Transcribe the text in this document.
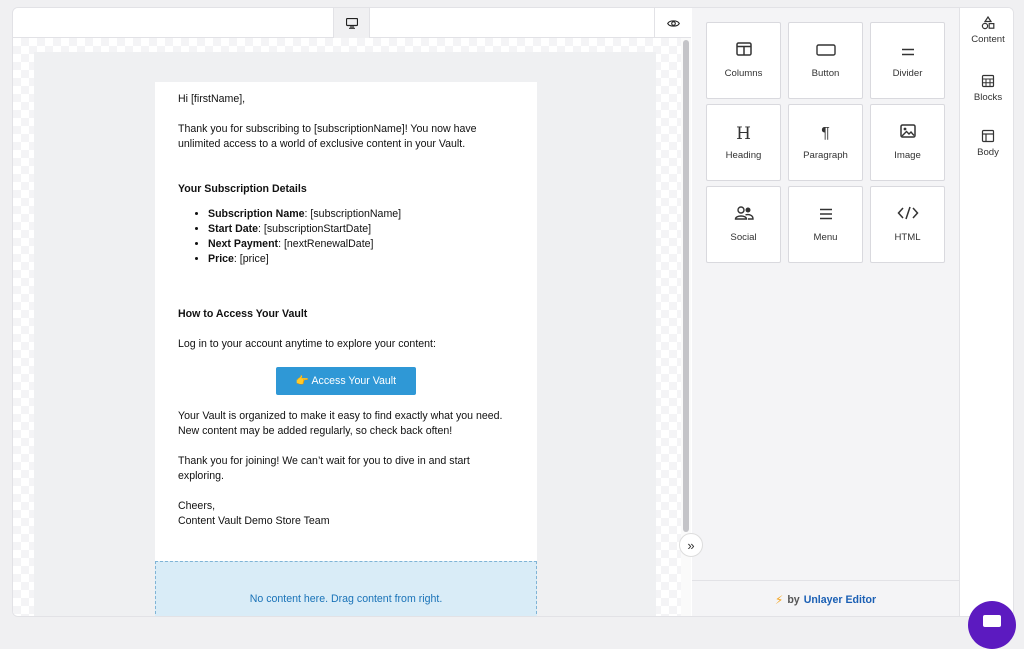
Hi [firstName],

Thank you for subscribing to [subscriptionName]! You now have unlimited access to a world of exclusive content in your Vault.

Your Subscription Details
• Subscription Name: [subscriptionName]
• Start Date: [subscriptionStartDate]
• Next Payment: [nextRenewalDate]
• Price: [price]
How to Access Your Vault

Log in to your account anytime to explore your content:

👉 Access Your Vault

Your Vault is organized to make it easy to find exactly what you need. New content may be added regularly, so check back often!

Thank you for joining! We can’t wait for you to dive in and start exploring.

Cheers,

Content Vault Demo Store Team

No content here. Drag content from right.
»
Columns	Button	Divider
H
Heading
¶
Paragraph	Image
Social	Menu	HTML
⚡ by Unlayer Editor
Content
Blocks
Body
